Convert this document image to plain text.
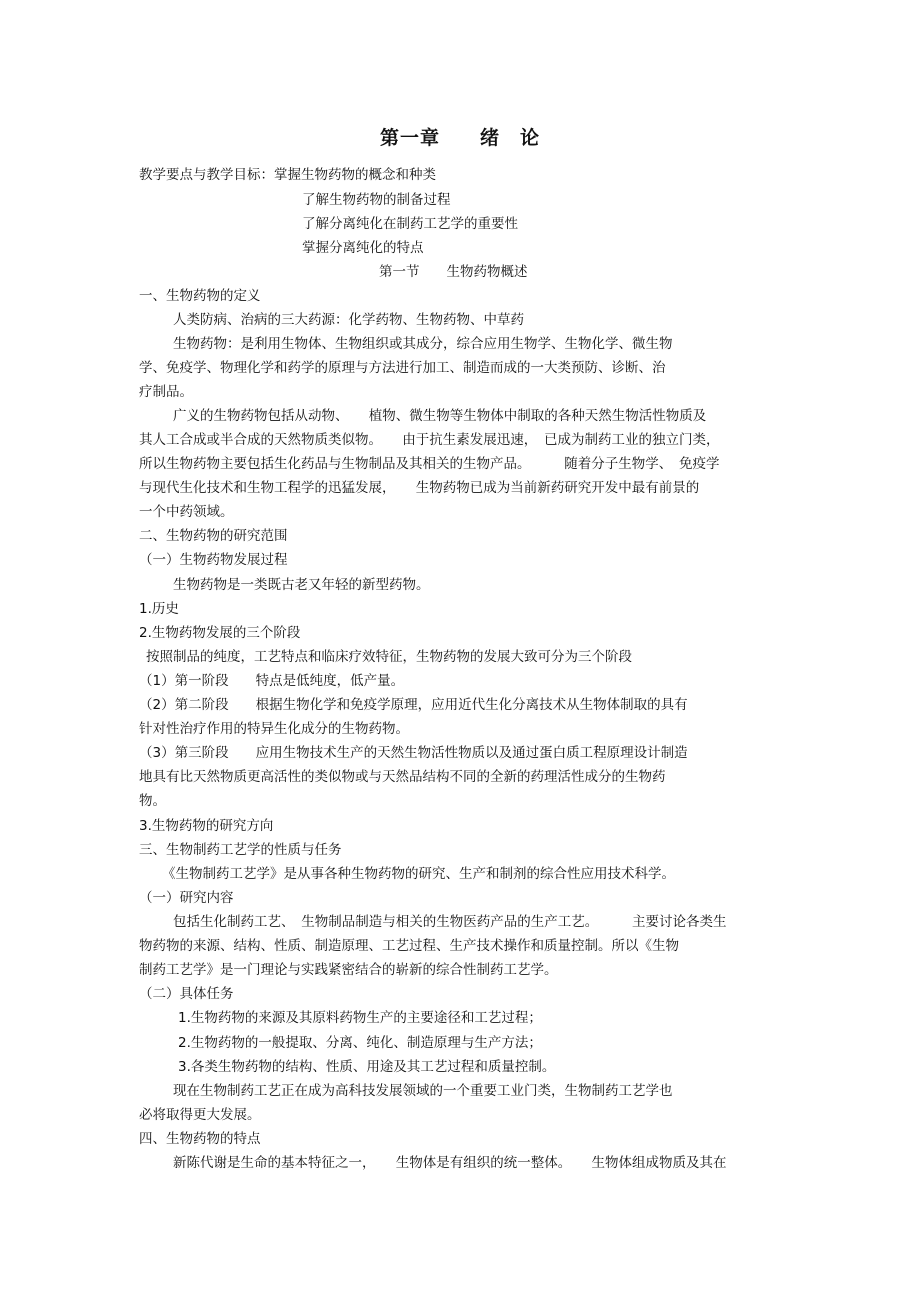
第一章　　绪　论
教学要点与教学目标：掌握生物药物的概念和种类
了解生物药物的制备过程
了解分离纯化在制药工艺学的重要性
掌握分离纯化的特点
第一节　　生物药物概述
一、生物药物的定义
人类防病、治病的三大药源：化学药物、生物药物、中草药
生物药物：是利用生物体、生物组织或其成分，综合应用生物学、生物化学、微生物
学、免疫学、物理化学和药学的原理与方法进行加工、制造而成的一大类预防、诊断、治
疗制品。
广义的生物药物包括从动物、　　植物、微生物等生物体中制取的各种天然生物活性物质及
其人工合成或半合成的天然物质类似物。　　由于抗生素发展迅速，　已成为制药工业的独立门类，
所以生物药物主要包括生化药品与生物制品及其相关的生物产品。　　　随着分子生物学、　免疫学
与现代生化技术和生物工程学的迅猛发展，　　生物药物已成为当前新药研究开发中最有前景的
一个中药领域。
二、生物药物的研究范围
（一）生物药物发展过程
生物药物是一类既古老又年轻的新型药物。
1.历史
2.生物药物发展的三个阶段
按照制品的纯度，工艺特点和临床疗效特征，生物药物的发展大致可分为三个阶段
（1）第一阶段　　特点是低纯度，低产量。
（2）第二阶段　　根据生物化学和免疫学原理，应用近代生化分离技术从生物体制取的具有
针对性治疗作用的特异生化成分的生物药物。
（3）第三阶段　　应用生物技术生产的天然生物活性物质以及通过蛋白质工程原理设计制造
地具有比天然物质更高活性的类似物或与天然品结构不同的全新的药理活性成分的生物药
物。
3.生物药物的研究方向
三、生物制药工艺学的性质与任务
《生物制药工艺学》是从事各种生物药物的研究、生产和制剂的综合性应用技术科学。
（一）研究内容
包括生化制药工艺、　生物制品制造与相关的生物医药产品的生产工艺。　　　主要讨论各类生
物药物的来源、结构、性质、制造原理、工艺过程、生产技术操作和质量控制。所以《生物
制药工艺学》是一门理论与实践紧密结合的崭新的综合性制药工艺学。
（二）具体任务
1.生物药物的来源及其原料药物生产的主要途径和工艺过程；
2.生物药物的一般提取、分离、纯化、制造原理与生产方法；
3.各类生物药物的结构、性质、用途及其工艺过程和质量控制。
现在生物制药工艺正在成为高科技发展领域的一个重要工业门类，生物制药工艺学也
必将取得更大发展。
四、生物药物的特点
新陈代谢是生命的基本特征之一，　　生物体是有组织的统一整体。　　生物体组成物质及其在
